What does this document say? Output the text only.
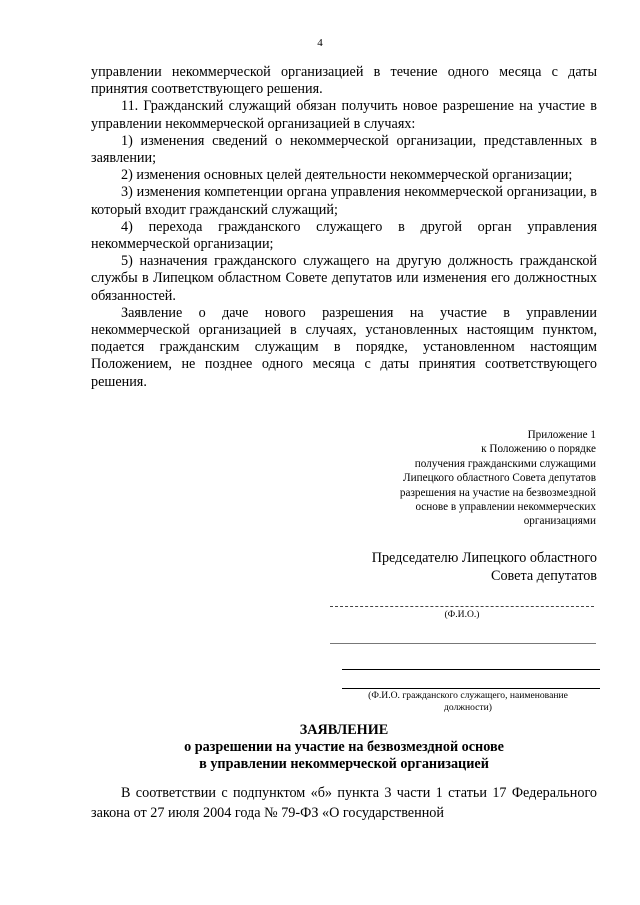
4

управлении некоммерческой организацией в течение одного месяца с даты принятия соответствующего решения.

11. Гражданский служащий обязан получить новое разрешение на участие в управлении некоммерческой организацией в случаях:

1) изменения сведений о некоммерческой организации, представленных в заявлении;

2) изменения основных целей деятельности некоммерческой организации;

3) изменения компетенции органа управления некоммерческой организации, в который входит гражданский служащий;

4) перехода гражданского служащего в другой орган управления некоммерческой организации;

5) назначения гражданского служащего на другую должность гражданской службы в Липецком областном Совете депутатов или изменения его должностных обязанностей.

Заявление о даче нового разрешения на участие в управлении некоммерческой организацией в случаях, установленных настоящим пунктом, подается гражданским служащим в порядке, установленном настоящим Положением, не позднее одного месяца с даты принятия соответствующего решения.

Приложение 1
к Положению о порядке
получения гражданскими служащими
Липецкого областного Совета депутатов
разрешения на участие на безвозмездной
основе в управлении некоммерческих
организациями
Председателю Липецкого областного
Совета депутатов
(Ф.И.О.)
(Ф.И.О. гражданского служащего, наименование
должности)
ЗАЯВЛЕНИЕ
о разрешении на участие на безвозмездной основе
в управлении некоммерческой организацией

В соответствии с подпунктом «б» пункта 3 части 1 статьи 17 Федерального закона от 27 июля 2004 года № 79-ФЗ «О государственной
